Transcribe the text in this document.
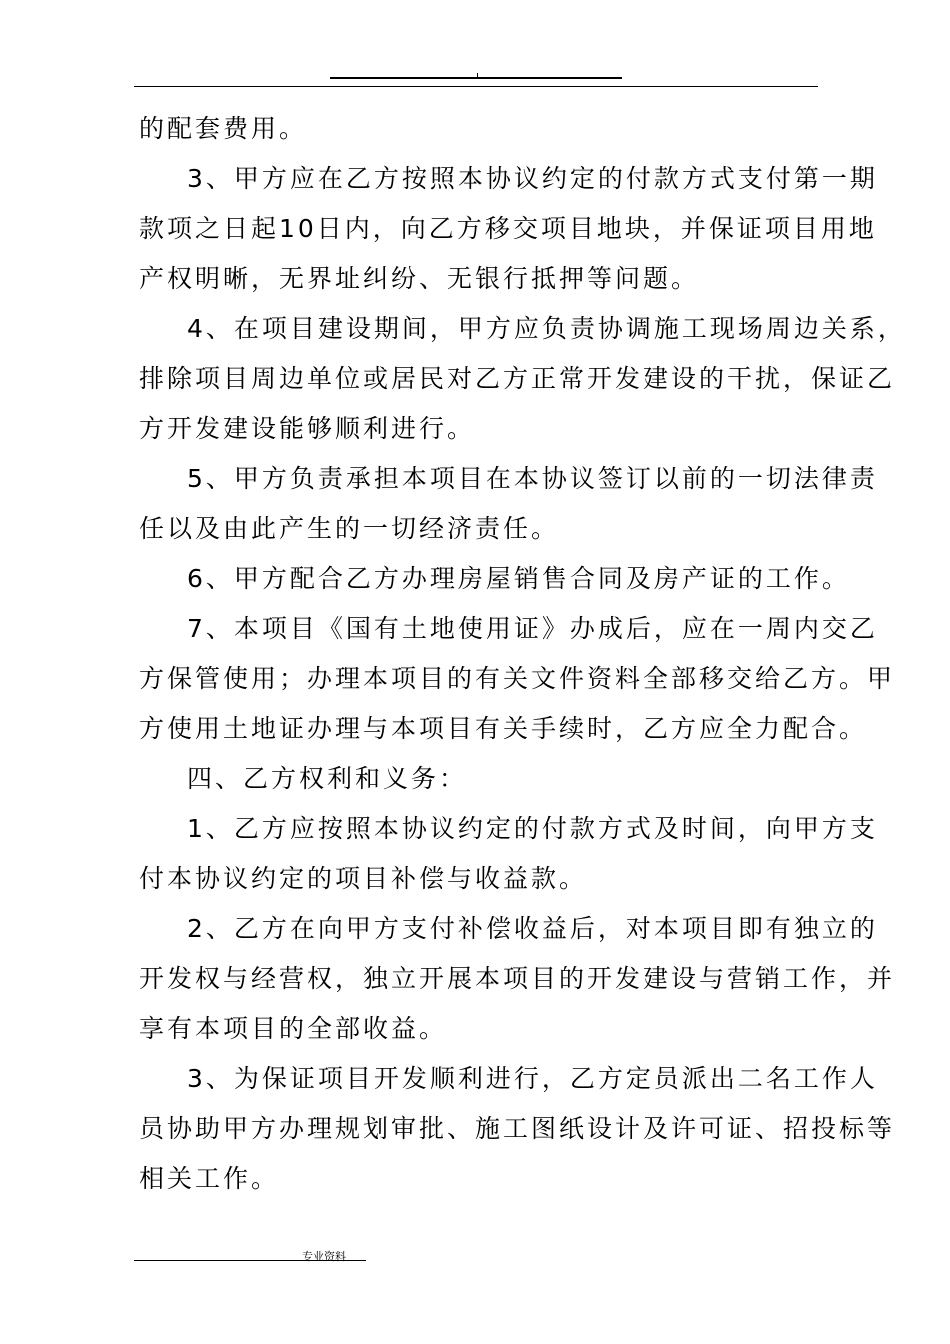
的配套费用。
3、甲方应在乙方按照本协议约定的付款方式支付第一期
款项之日起10日内，向乙方移交项目地块，并保证项目用地
产权明晰，无界址纠纷、无银行抵押等问题。
4、在项目建设期间，甲方应负责协调施工现场周边关系，
排除项目周边单位或居民对乙方正常开发建设的干扰，保证乙
方开发建设能够顺利进行。
5、甲方负责承担本项目在本协议签订以前的一切法律责
任以及由此产生的一切经济责任。
6、甲方配合乙方办理房屋销售合同及房产证的工作。
7、本项目《国有土地使用证》办成后，应在一周内交乙
方保管使用；办理本项目的有关文件资料全部移交给乙方。甲
方使用土地证办理与本项目有关手续时，乙方应全力配合。
四、乙方权利和义务：
1、乙方应按照本协议约定的付款方式及时间，向甲方支
付本协议约定的项目补偿与收益款。
2、乙方在向甲方支付补偿收益后，对本项目即有独立的
开发权与经营权，独立开展本项目的开发建设与营销工作，并
享有本项目的全部收益。
3、为保证项目开发顺利进行，乙方定员派出二名工作人
员协助甲方办理规划审批、施工图纸设计及许可证、招投标等
相关工作。
专业资料
